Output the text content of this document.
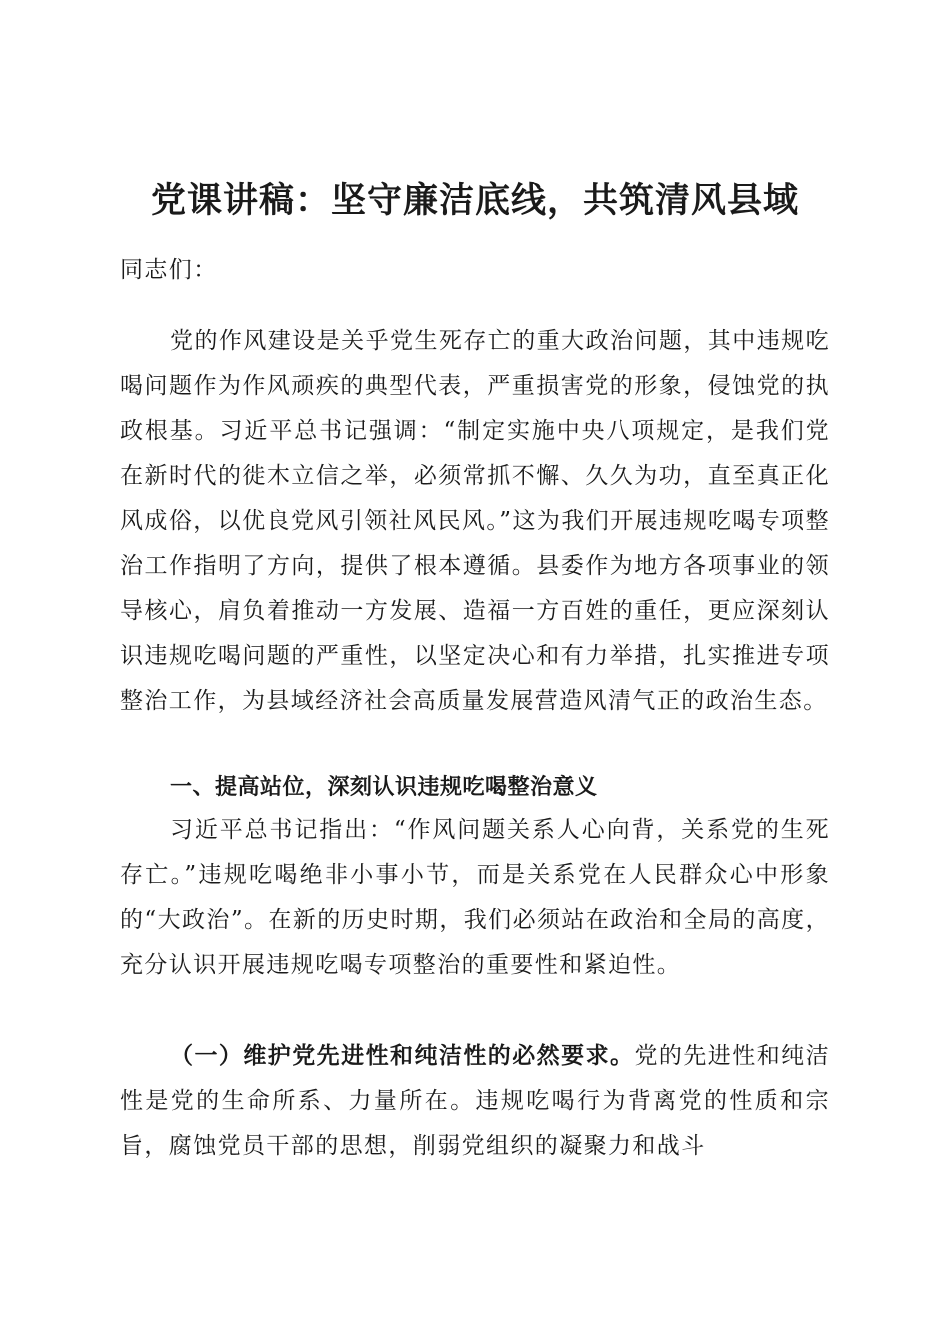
党课讲稿：坚守廉洁底线，共筑清风县域

同志们：

党的作风建设是关乎党生死存亡的重大政治问题，其中违规吃喝问题作为作风顽疾的典型代表，严重损害党的形象，侵蚀党的执政根基。习近平总书记强调：“制定实施中央八项规定，是我们党在新时代的徙木立信之举，必须常抓不懈、久久为功，直至真正化风成俗，以优良党风引领社风民风。”这为我们开展违规吃喝专项整治工作指明了方向，提供了根本遵循。县委作为地方各项事业的领导核心，肩负着推动一方发展、造福一方百姓的重任，更应深刻认识违规吃喝问题的严重性，以坚定决心和有力举措，扎实推进专项整治工作，为县域经济社会高质量发展营造风清气正的政治生态。

一、提高站位，深刻认识违规吃喝整治意义

习近平总书记指出：“作风问题关系人心向背，关系党的生死存亡。”违规吃喝绝非小事小节，而是关系党在人民群众心中形象的“大政治”。在新的历史时期，我们必须站在政治和全局的高度，充分认识开展违规吃喝专项整治的重要性和紧迫性。

（一）维护党先进性和纯洁性的必然要求。党的先进性和纯洁性是党的生命所系、力量所在。违规吃喝行为背离党的性质和宗旨，腐蚀党员干部的思想，削弱党组织的凝聚力和战斗
